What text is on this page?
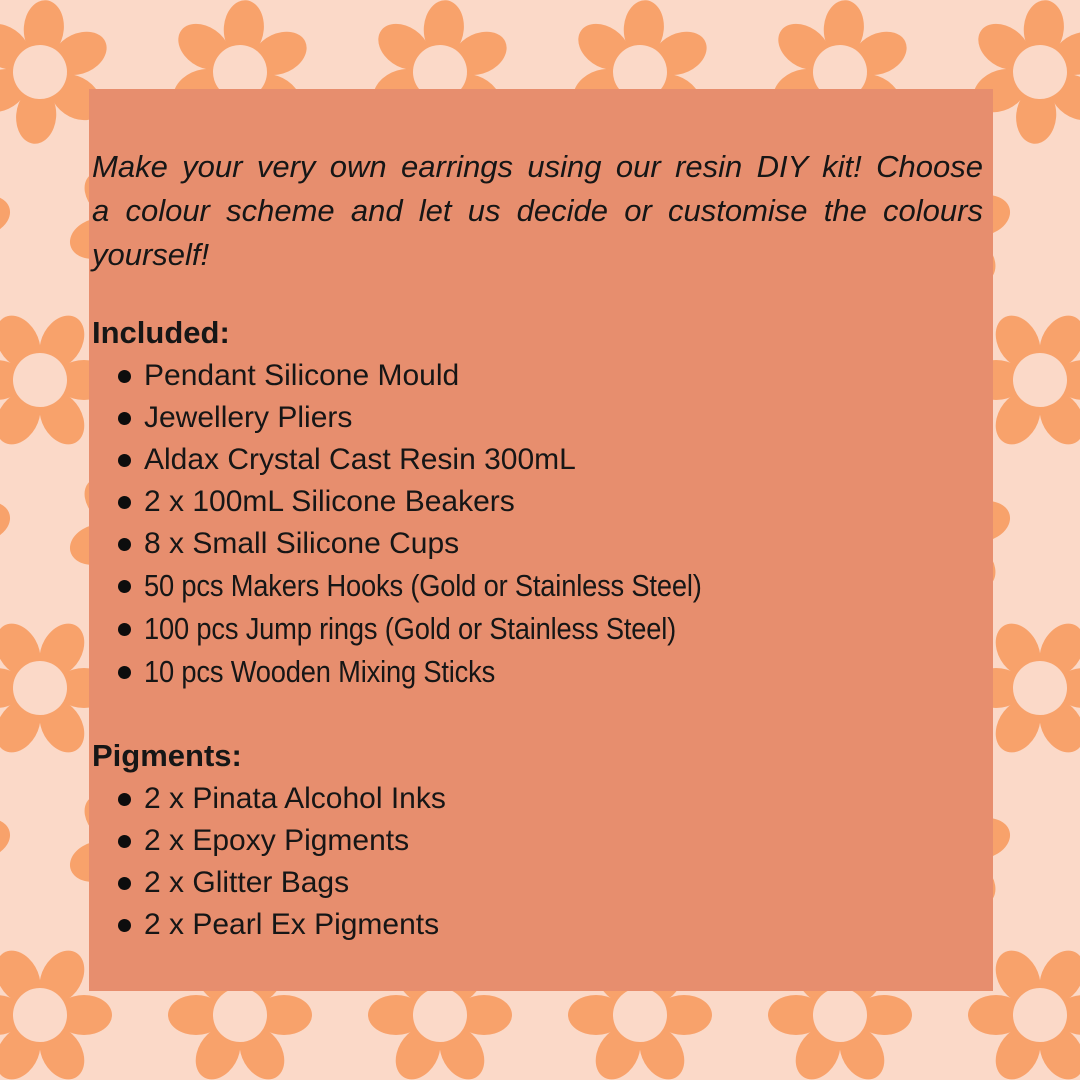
Make your very own earrings using our resin DIY kit! Choose
a colour scheme and let us decide or customise the colours
yourself!
Included:
Pendant Silicone Mould
Jewellery Pliers
Aldax Crystal Cast Resin 300mL
2 x 100mL Silicone Beakers
8 x Small Silicone Cups
50 pcs Makers Hooks (Gold or Stainless Steel)
100 pcs Jump rings (Gold or Stainless Steel)
10 pcs Wooden Mixing Sticks
Pigments:
2 x Pinata Alcohol Inks
2 x Epoxy Pigments
2 x Glitter Bags
2 x Pearl Ex Pigments
